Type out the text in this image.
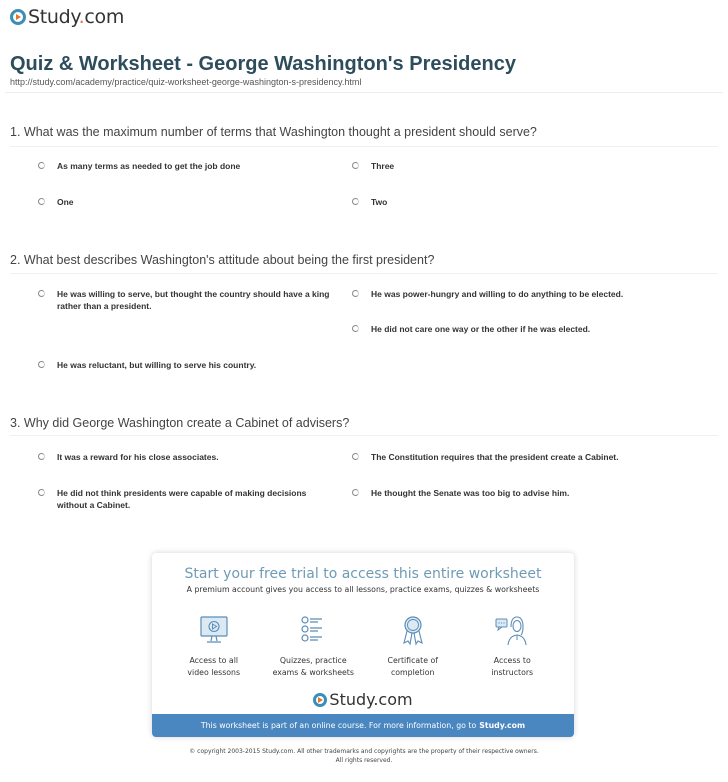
Study.com
Quiz & Worksheet - George Washington's Presidency
http://study.com/academy/practice/quiz-worksheet-george-washington-s-presidency.html
1. What was the maximum number of terms that Washington thought a president should serve?
As many terms as needed to get the job done	Three
One	Two
2. What best describes Washington's attitude about being the first president?
He was willing to serve, but thought the country should have a king rather than a president.
He was power-hungry and willing to do anything to be elected.
He did not care one way or the other if he was elected.
He was reluctant, but willing to serve his country.
3. Why did George Washington create a Cabinet of advisers?
It was a reward for his close associates.	The Constitution requires that the president create a Cabinet.
He did not think presidents were capable of making decisions without a Cabinet.
He thought the Senate was too big to advise him.
Start your free trial to access this entire worksheet
A premium account gives you access to all lessons, practice exams, quizzes & worksheets
Access to all
video lessons
Quizzes, practice
exams & worksheets
Certificate of
completion
Access to
instructors
Study.com
This worksheet is part of an online course. For more information, go to Study.com
© copyright 2003-2015 Study.com. All other trademarks and copyrights are the property of their respective owners.
All rights reserved.
